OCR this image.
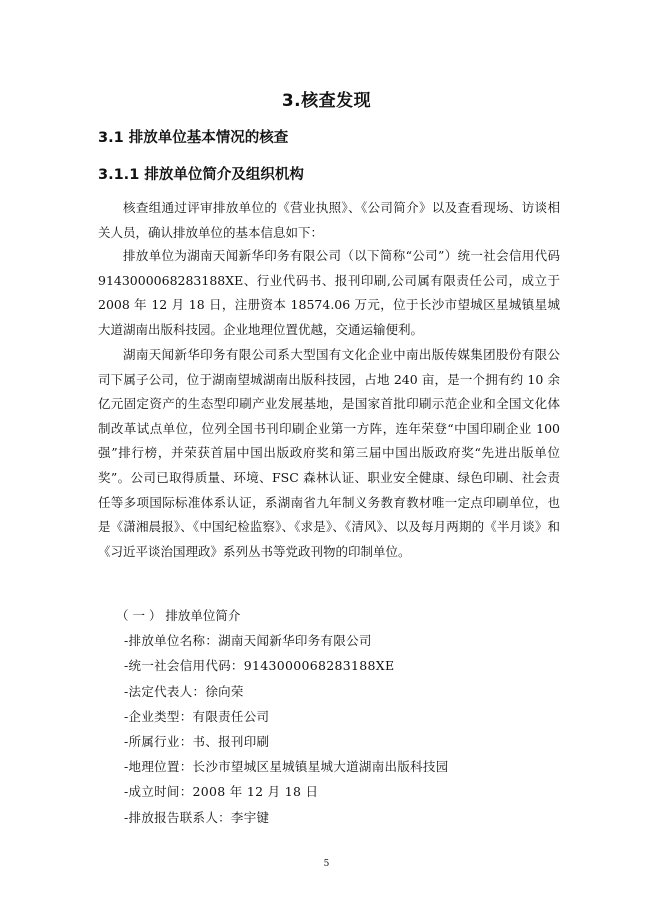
3.核查发现
3.1 排放单位基本情况的核查
3.1.1 排放单位简介及组织机构

核查组通过评审排放单位的《营业执照》、《公司简介》以及查看现场、访谈相关人员，确认排放单位的基本信息如下：

排放单位为湖南天闻新华印务有限公司（以下简称“公司”）统一社会信用代码 9143000068283188XE、行业代码书、报刊印刷,公司属有限责任公司，成立于 2008 年 12 月 18 日，注册资本 18574.06 万元，位于长沙市望城区星城镇星城大道湖南出版科技园。企业地理位置优越，交通运输便利。

湖南天闻新华印务有限公司系大型国有文化企业中南出版传媒集团股份有限公司下属子公司，位于湖南望城湖南出版科技园，占地 240 亩，是一个拥有约 10 余亿元固定资产的生态型印刷产业发展基地，是国家首批印刷示范企业和全国文化体制改革试点单位，位列全国书刊印刷企业第一方阵，连年荣登“中国印刷企业 100 强”排行榜，并荣获首届中国出版政府奖和第三届中国出版政府奖“先进出版单位奖”。公司已取得质量、环境、FSC 森林认证、职业安全健康、绿色印刷、社会责任等多项国际标准体系认证，系湖南省九年制义务教育教材唯一定点印刷单位，也是《潇湘晨报》、《中国纪检监察》、《求是》、《清风》、以及每月两期的《半月谈》和《习近平谈治国理政》系列丛书等党政刊物的印制单位。

（ 一 ） 排放单位简介
-排放单位名称：湖南天闻新华印务有限公司
-统一社会信用代码：9143000068283188XE
-法定代表人：徐向荣
-企业类型：有限责任公司
-所属行业：书、报刊印刷
-地理位置：长沙市望城区星城镇星城大道湖南出版科技园
-成立时间：2008 年 12 月 18 日
-排放报告联系人：李宇键
5
